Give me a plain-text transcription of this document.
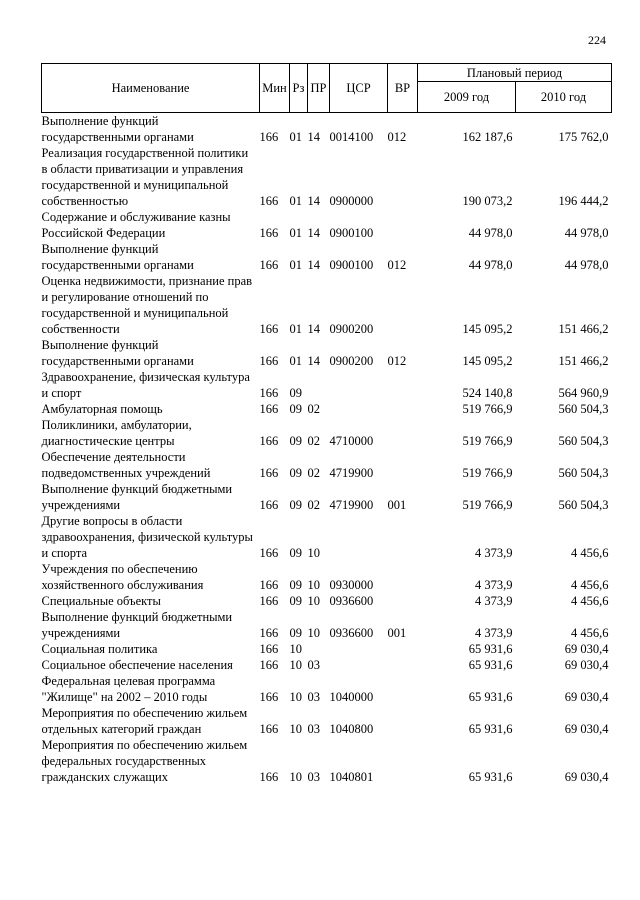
224
Наименование	Мин	Рз	ПР	ЦСР	ВР	Плановый период	
						2009 год	2010 год
Выполнение функций государственными органами	166	01	14	0014100	012	162 187,6	175 762,0
Реализация государственной политики в области приватизации и управления государственной и муниципальной собственностью	166	01	14	0900000		190 073,2	196 444,2
Содержание и обслуживание казны Российской Федерации	166	01	14	0900100		44 978,0	44 978,0
Выполнение функций государственными органами	166	01	14	0900100	012	44 978,0	44 978,0
Оценка недвижимости, признание прав и регулирование отношений по государственной и муниципальной собственности	166	01	14	0900200		145 095,2	151 466,2
Выполнение функций государственными органами	166	01	14	0900200	012	145 095,2	151 466,2
Здравоохранение, физическая культура и спорт	166	09				524 140,8	564 960,9
Амбулаторная помощь	166	09	02			519 766,9	560 504,3
Поликлиники, амбулатории, диагностические центры	166	09	02	4710000		519 766,9	560 504,3
Обеспечение деятельности подведомственных учреждений	166	09	02	4719900		519 766,9	560 504,3
Выполнение функций бюджетными учреждениями	166	09	02	4719900	001	519 766,9	560 504,3
Другие вопросы в области здравоохранения, физической культуры и спорта	166	09	10			4 373,9	4 456,6
Учреждения по обеспечению хозяйственного обслуживания	166	09	10	0930000		4 373,9	4 456,6
Специальные объекты	166	09	10	0936600		4 373,9	4 456,6
Выполнение функций бюджетными учреждениями	166	09	10	0936600	001	4 373,9	4 456,6
Социальная политика	166	10				65 931,6	69 030,4
Социальное обеспечение населения	166	10	03			65 931,6	69 030,4
Федеральная целевая программа "Жилище" на 2002 – 2010 годы	166	10	03	1040000		65 931,6	69 030,4
Мероприятия по обеспечению жильем отдельных категорий граждан	166	10	03	1040800		65 931,6	69 030,4
Мероприятия по обеспечению жильем федеральных государственных гражданских служащих	166	10	03	1040801		65 931,6	69 030,4
